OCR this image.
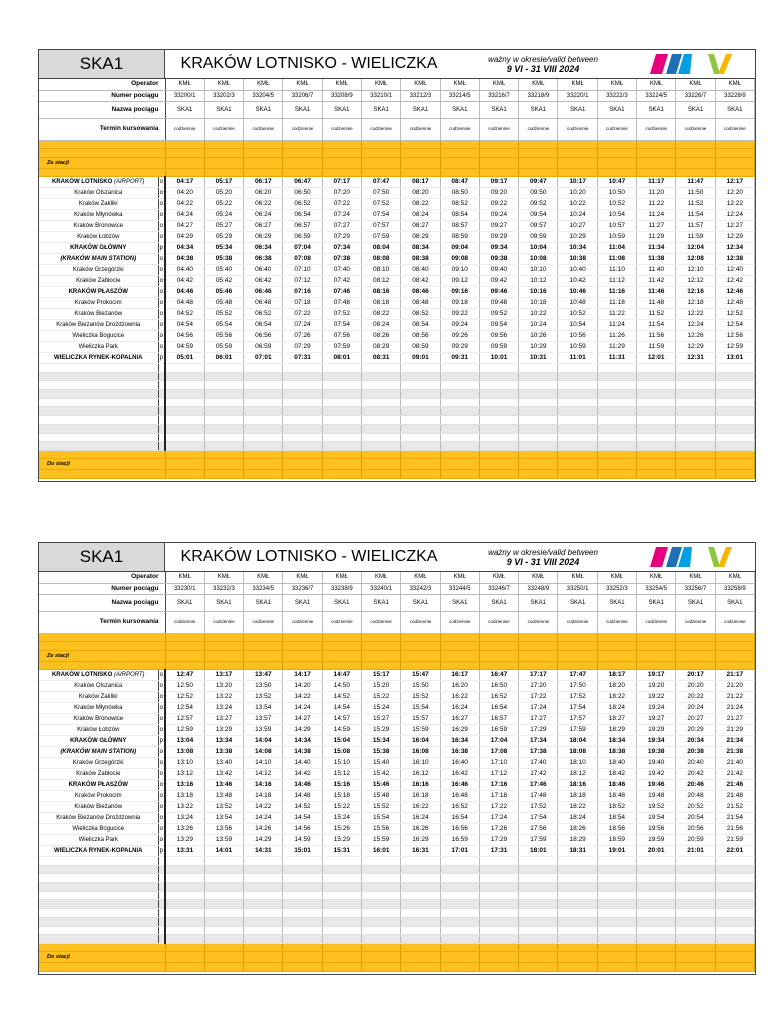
SKA1	KRAKÓW LOTNISKO - WIELICZKA	ważny w okresie/valid between
9 VI - 31 VIII 2024
Operator		KMŁ	KMŁ	KMŁ	KMŁ	KMŁ	KMŁ	KMŁ	KMŁ	KMŁ	KMŁ	KMŁ	KMŁ	KMŁ	KMŁ	KMŁ
Numer pociągu		33200/1	33202/3	33204/5	33206/7	33208/9	33210/1	33212/3	33214/5	33216/7	33218/9	33220/1	33222/3	33224/5	33226/7	33228/9
Nazwa pociągu		SKA1	SKA1	SKA1	SKA1	SKA1	SKA1	SKA1	SKA1	SKA1	SKA1	SKA1	SKA1	SKA1	SKA1	SKA1
Termin kursowania		codziennie	codziennie	codziennie	codziennie	codziennie	codziennie	codziennie	codziennie	codziennie	codziennie	codziennie	codziennie	codziennie	codziennie	codziennie

Ze stacji																

KRAKÓW LOTNISKO (AIRPORT)	o	04:17	05:17	06:17	06:47	07:17	07:47	08:17	08:47	09:17	09:47	10:17	10:47	11:17	11:47	12:17
Kraków Olszanica	o	04:20	05:20	06:20	06:50	07:20	07:50	08:20	08:50	09:20	09:50	10:20	10:50	11:20	11:50	12:20
Kraków Zakliki	o	04:22	05:22	06:22	06:52	07:22	07:52	08:22	08:52	09:22	09:52	10:22	10:52	11:22	11:52	12:22
Kraków Młynówka	o	04:24	05:24	06:24	06:54	07:24	07:54	08:24	08:54	09:24	09:54	10:24	10:54	11:24	11:54	12:24
Kraków Bronowice	o	04:27	05:27	06:27	06:57	07:27	07:57	08:27	08:57	09:27	09:57	10:27	10:57	11:27	11:57	12:27
Kraków Łobzów	o	04:29	05:29	06:29	06:59	07:29	07:59	08:29	08:59	09:29	09:59	10:29	10:59	11:29	11:59	12:29
KRAKÓW GŁÓWNY	p	04:34	05:34	06:34	07:04	07:34	08:04	08:34	09:04	09:34	10:04	10:34	11:04	11:34	12:04	12:34
(KRAKÓW MAIN STATION)	o	04:38	05:38	06:38	07:08	07:38	08:08	08:38	09:08	09:38	10:08	10:38	11:08	11:38	12:08	12:38
Kraków Grzegórzki	o	04:40	05:40	06:40	07:10	07:40	08:10	08:40	09:10	09:40	10:10	10:40	11:10	11:40	12:10	12:40
Kraków Zabłocie	o	04:42	05:42	06:42	07:12	07:42	08:12	08:42	09:12	09:42	10:12	10:42	11:12	11:42	12:12	12:42
KRAKÓW PŁASZÓW	o	04:46	05:46	06:46	07:16	07:46	08:16	08:46	09:16	09:46	10:16	10:46	11:16	11:46	12:16	12:46
Kraków Prokocim	o	04:48	05:48	06:48	07:18	07:48	08:18	08:48	09:18	09:48	10:18	10:48	11:18	11:48	12:18	12:48
Kraków Bieżanów	o	04:52	05:52	06:52	07:22	07:52	08:22	08:52	09:22	09:52	10:22	10:52	11:22	11:52	12:22	12:52
Kraków Bieżanów Drożdżownia	o	04:54	05:54	06:54	07:24	07:54	08:24	08:54	09:24	09:54	10:24	10:54	11:24	11:54	12:24	12:54
Wieliczka Bogucice	o	04:56	05:56	06:56	07:26	07:56	08:26	08:56	09:26	09:56	10:26	10:56	11:26	11:56	12:26	12:56
Wieliczka Park	o	04:59	05:59	06:59	07:29	07:59	08:29	08:59	09:29	09:59	10:29	10:59	11:29	11:59	12:29	12:59
WIELICZKA RYNEK-KOPALNIA	p	05:01	06:01	07:01	07:31	08:01	08:31	09:01	09:31	10:01	10:31	11:01	11:31	12:01	12:31	13:01

Do stacji																

SKA1	KRAKÓW LOTNISKO - WIELICZKA	ważny w okresie/valid between
9 VI - 31 VIII 2024
Operator		KMŁ	KMŁ	KMŁ	KMŁ	KMŁ	KMŁ	KMŁ	KMŁ	KMŁ	KMŁ	KMŁ	KMŁ	KMŁ	KMŁ	KMŁ
Numer pociągu		33230/1	33232/3	33234/5	33236/7	33238/9	33240/1	33242/3	33244/5	33246/7	33248/9	33250/1	33252/3	33254/5	33256/7	33258/9
Nazwa pociągu		SKA1	SKA1	SKA1	SKA1	SKA1	SKA1	SKA1	SKA1	SKA1	SKA1	SKA1	SKA1	SKA1	SKA1	SKA1
Termin kursowania		codziennie	codziennie	codziennie	codziennie	codziennie	codziennie	codziennie	codziennie	codziennie	codziennie	codziennie	codziennie	codziennie	codziennie	codziennie

Ze stacji																

KRAKÓW LOTNISKO (AIRPORT)	o	12:47	13:17	13:47	14:17	14:47	15:17	15:47	16:17	16:47	17:17	17:47	18:17	19:17	20:17	21:17
Kraków Olszanica	o	12:50	13:20	13:50	14:20	14:50	15:20	15:50	16:20	16:50	17:20	17:50	18:20	19:20	20:20	21:20
Kraków Zakliki	o	12:52	13:22	13:52	14:22	14:52	15:22	15:52	16:22	16:52	17:22	17:52	18:22	19:22	20:22	21:22
Kraków Młynówka	o	12:54	13:24	13:54	14:24	14:54	15:24	15:54	16:24	16:54	17:24	17:54	18:24	19:24	20:24	21:24
Kraków Bronowice	o	12:57	13:27	13:57	14:27	14:57	15:27	15:57	16:27	16:57	17:27	17:57	18:27	19:27	20:27	21:27
Kraków Łobzów	o	12:59	13:29	13:59	14:29	14:59	15:29	15:59	16:29	16:59	17:29	17:59	18:29	19:29	20:29	21:29
KRAKÓW GŁÓWNY	p	13:04	13:34	14:04	14:34	15:04	15:34	16:04	16:34	17:04	17:34	18:04	18:34	19:34	20:34	21:34
(KRAKÓW MAIN STATION)	o	13:08	13:38	14:08	14:38	15:08	15:38	16:08	16:38	17:08	17:38	18:08	18:38	19:38	20:38	21:38
Kraków Grzegórzki	o	13:10	13:40	14:10	14:40	15:10	15:40	16:10	16:40	17:10	17:40	18:10	18:40	19:40	20:40	21:40
Kraków Zabłocie	o	13:12	13:42	14:12	14:42	15:12	15:42	16:12	16:42	17:12	17:42	18:12	18:42	19:42	20:42	21:42
KRAKÓW PŁASZÓW	o	13:16	13:46	14:16	14:46	15:16	15:46	16:16	16:46	17:16	17:46	18:16	18:46	19:46	20:46	21:46
Kraków Prokocim	o	13:18	13:48	14:18	14:48	15:18	15:48	16:18	16:48	17:18	17:48	18:18	18:48	19:48	20:48	21:48
Kraków Bieżanów	o	13:22	13:52	14:22	14:52	15:22	15:52	16:22	16:52	17:22	17:52	18:22	18:52	19:52	20:52	21:52
Kraków Bieżanów Drożdżownia	o	13:24	13:54	14:24	14:54	15:24	15:54	16:24	16:54	17:24	17:54	18:24	18:54	19:54	20:54	21:54
Wieliczka Bogucice	o	13:26	13:56	14:26	14:56	15:26	15:56	16:26	16:56	17:26	17:56	18:26	18:56	19:56	20:56	21:56
Wieliczka Park	o	13:29	13:59	14:29	14:59	15:29	15:59	16:29	16:59	17:29	17:59	18:29	18:59	19:59	20:59	21:59
WIELICZKA RYNEK-KOPALNIA	p	13:31	14:01	14:31	15:01	15:31	16:01	16:31	17:01	17:31	18:01	18:31	19:01	20:01	21:01	22:01

Do stacji																
